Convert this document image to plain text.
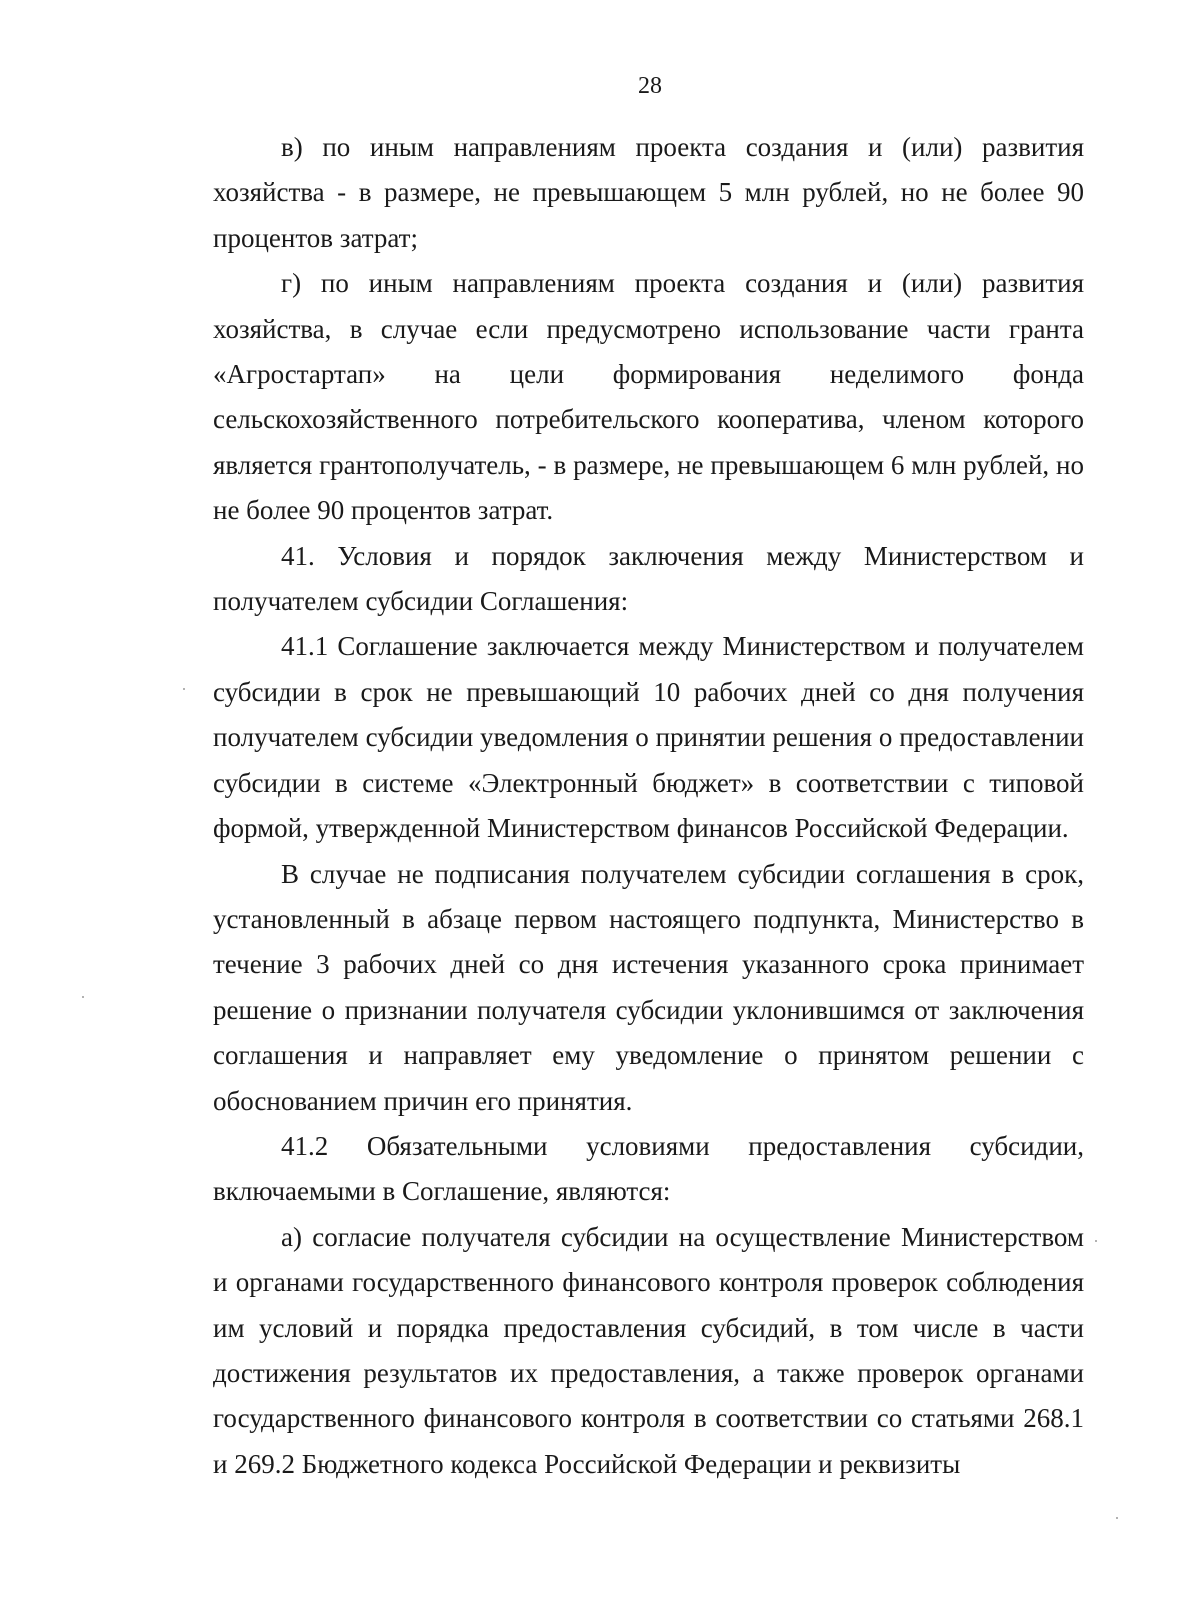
28

в) по иным направлениям проекта создания и (или) развития хозяйства - в размере, не превышающем 5 млн рублей, но не более 90 процентов затрат;

г) по иным направлениям проекта создания и (или) развития хозяйства, в случае если предусмотрено использование части гранта «Агростартап» на цели формирования неделимого фонда сельскохозяйственного потребительского кооператива, членом которого является грантополучатель, - в размере, не превышающем 6 млн рублей, но не более 90 процентов затрат.

41. Условия и порядок заключения между Министерством и получателем субсидии Соглашения:

41.1 Соглашение заключается между Министерством и получателем субсидии в срок не превышающий 10 рабочих дней со дня получения получателем субсидии уведомления о принятии решения о предоставлении субсидии в системе «Электронный бюджет» в соответствии с типовой формой, утвержденной Министерством финансов Российской Федерации.

В случае не подписания получателем субсидии соглашения в срок, установленный в абзаце первом настоящего подпункта, Министерство в течение 3 рабочих дней со дня истечения указанного срока принимает решение о признании получателя субсидии уклонившимся от заключения соглашения и направляет ему уведомление о принятом решении с обоснованием причин его принятия.

41.2 Обязательными условиями предоставления субсидии, включаемыми в Соглашение, являются:

а) согласие получателя субсидии на осуществление Министерством и органами государственного финансового контроля проверок соблюдения им условий и порядка предоставления субсидий, в том числе в части достижения результатов их предоставления, а также проверок органами государственного финансового контроля в соответствии со статьями 268.1 и 269.2 Бюджетного кодекса Российской Федерации и реквизиты
